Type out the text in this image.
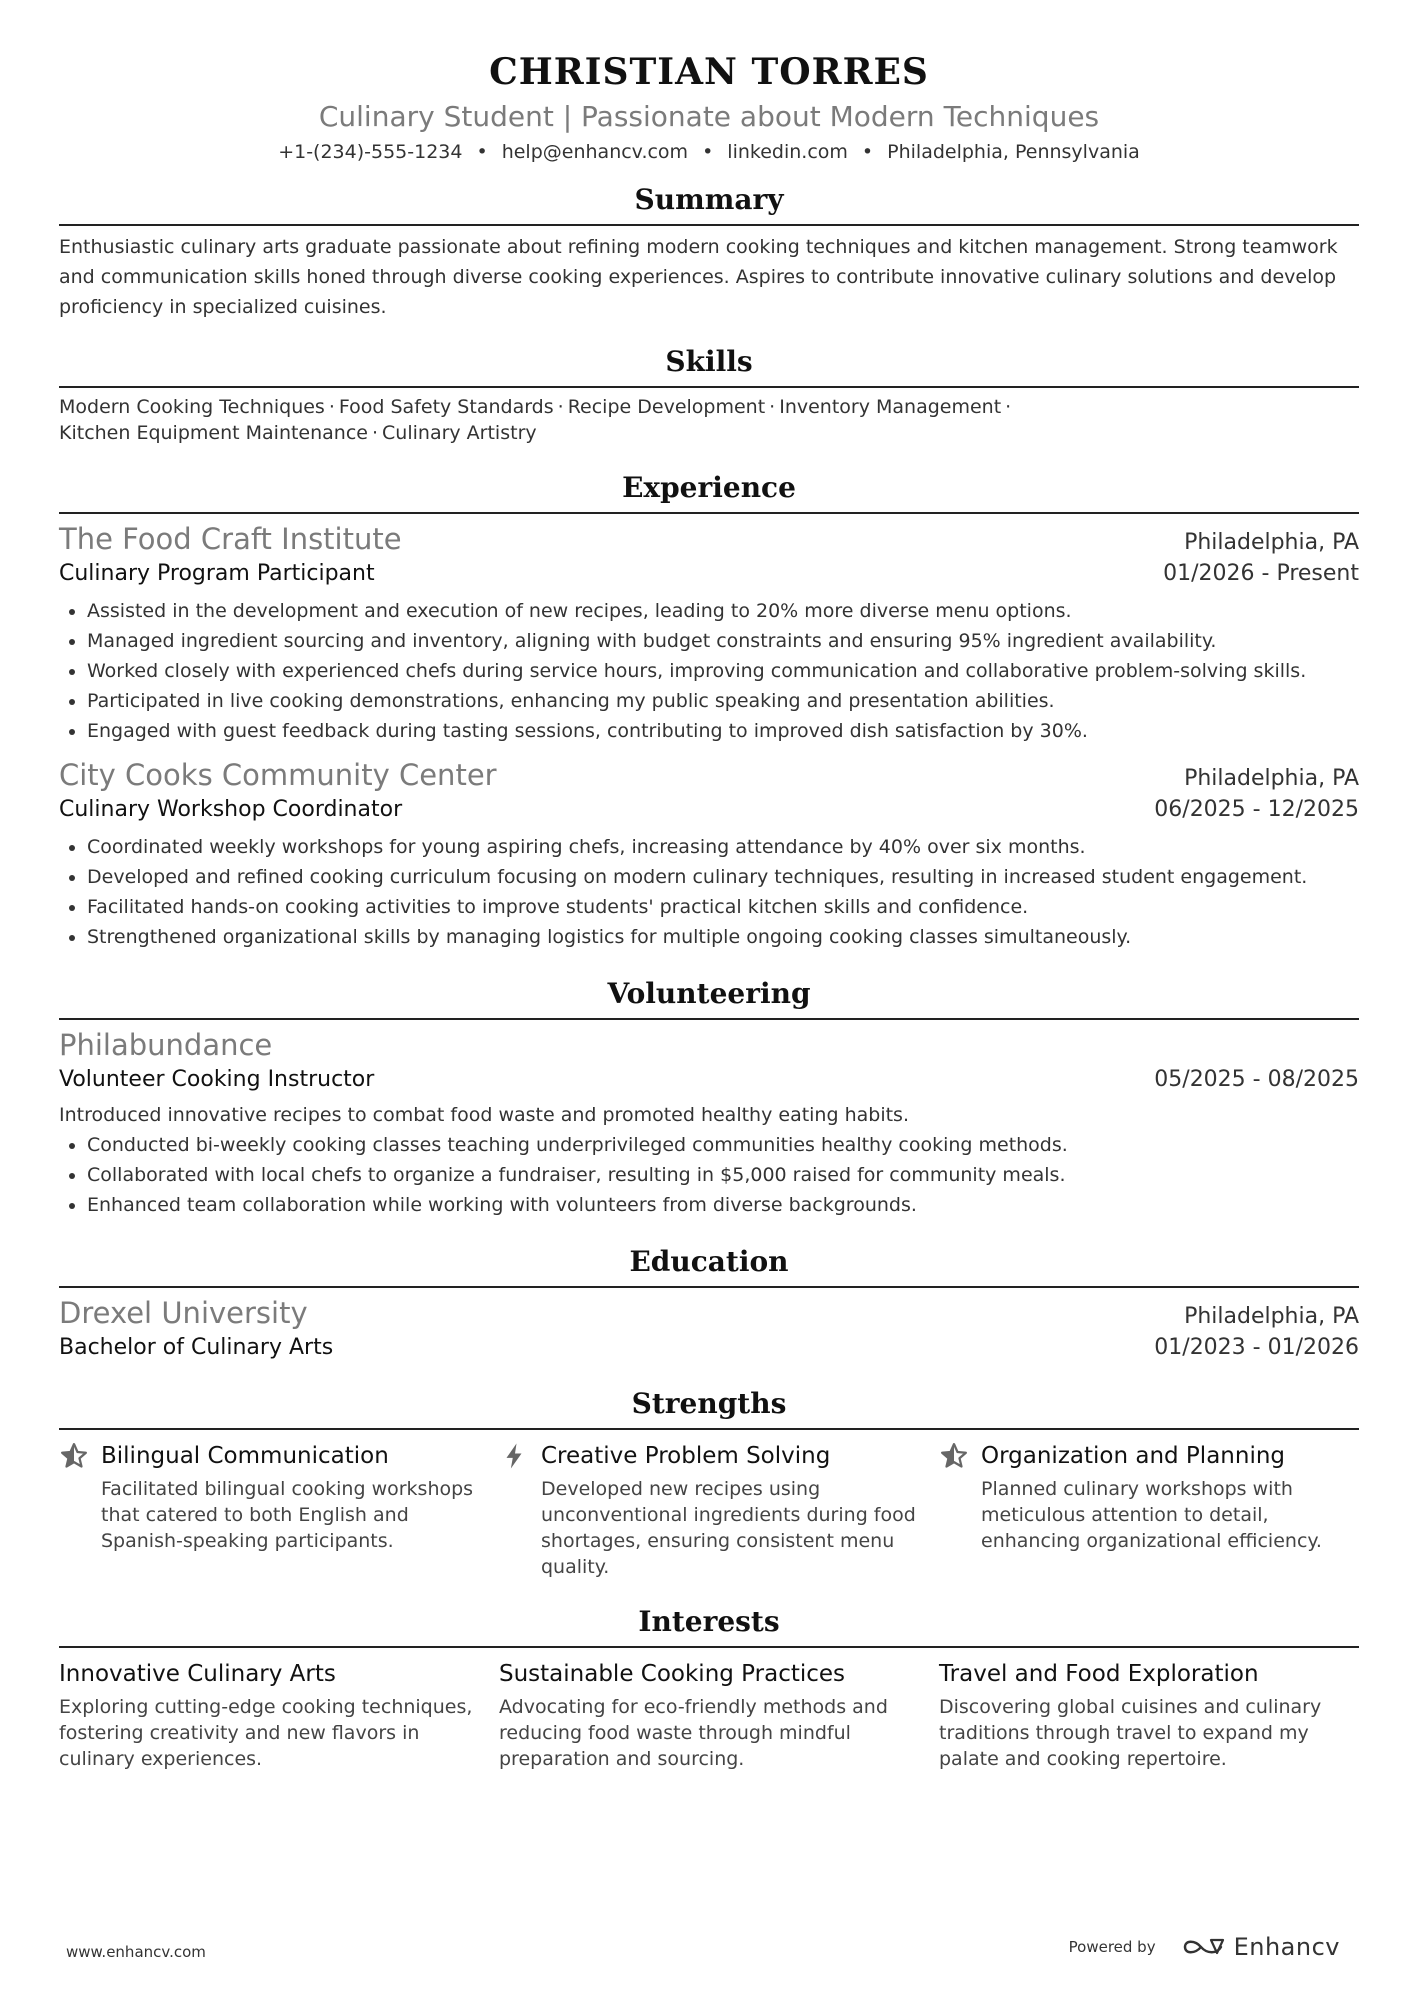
CHRISTIAN TORRES
Culinary Student | Passionate about Modern Techniques
+1-(234)-555-1234 • help@enhancv.com • linkedin.com • Philadelphia, Pennsylvania
Summary
Enthusiastic culinary arts graduate passionate about refining modern cooking techniques and kitchen management. Strong teamwork and communication skills honed through diverse cooking experiences. Aspires to contribute innovative culinary solutions and develop proficiency in specialized cuisines.
Skills
Modern Cooking Techniques · Food Safety Standards · Recipe Development · Inventory Management ·
Kitchen Equipment Maintenance · Culinary Artistry
Experience
The Food Craft Institute	Philadelphia, PA
Culinary Program Participant	01/2026 - Present
• Assisted in the development and execution of new recipes, leading to 20% more diverse menu options.
• Managed ingredient sourcing and inventory, aligning with budget constraints and ensuring 95% ingredient availability.
• Worked closely with experienced chefs during service hours, improving communication and collaborative problem-solving skills.
• Participated in live cooking demonstrations, enhancing my public speaking and presentation abilities.
• Engaged with guest feedback during tasting sessions, contributing to improved dish satisfaction by 30%.
City Cooks Community Center	Philadelphia, PA
Culinary Workshop Coordinator	06/2025 - 12/2025
• Coordinated weekly workshops for young aspiring chefs, increasing attendance by 40% over six months.
• Developed and refined cooking curriculum focusing on modern culinary techniques, resulting in increased student engagement.
• Facilitated hands-on cooking activities to improve students' practical kitchen skills and confidence.
• Strengthened organizational skills by managing logistics for multiple ongoing cooking classes simultaneously.
Volunteering
Philabundance
Volunteer Cooking Instructor	05/2025 - 08/2025
Introduced innovative recipes to combat food waste and promoted healthy eating habits.
• Conducted bi-weekly cooking classes teaching underprivileged communities healthy cooking methods.
• Collaborated with local chefs to organize a fundraiser, resulting in $5,000 raised for community meals.
• Enhanced team collaboration while working with volunteers from diverse backgrounds.
Education
Drexel University	Philadelphia, PA
Bachelor of Culinary Arts	01/2023 - 01/2026
Strengths
Bilingual Communication
Facilitated bilingual cooking workshops that catered to both English and Spanish-speaking participants.
Creative Problem Solving
Developed new recipes using unconventional ingredients during food shortages, ensuring consistent menu quality.
Organization and Planning
Planned culinary workshops with meticulous attention to detail, enhancing organizational efficiency.
Interests
Innovative Culinary Arts
Exploring cutting-edge cooking techniques, fostering creativity and new flavors in culinary experiences.
Sustainable Cooking Practices
Advocating for eco-friendly methods and reducing food waste through mindful preparation and sourcing.
Travel and Food Exploration
Discovering global cuisines and culinary traditions through travel to expand my palate and cooking repertoire.
www.enhancv.com	Powered by	Enhancv
